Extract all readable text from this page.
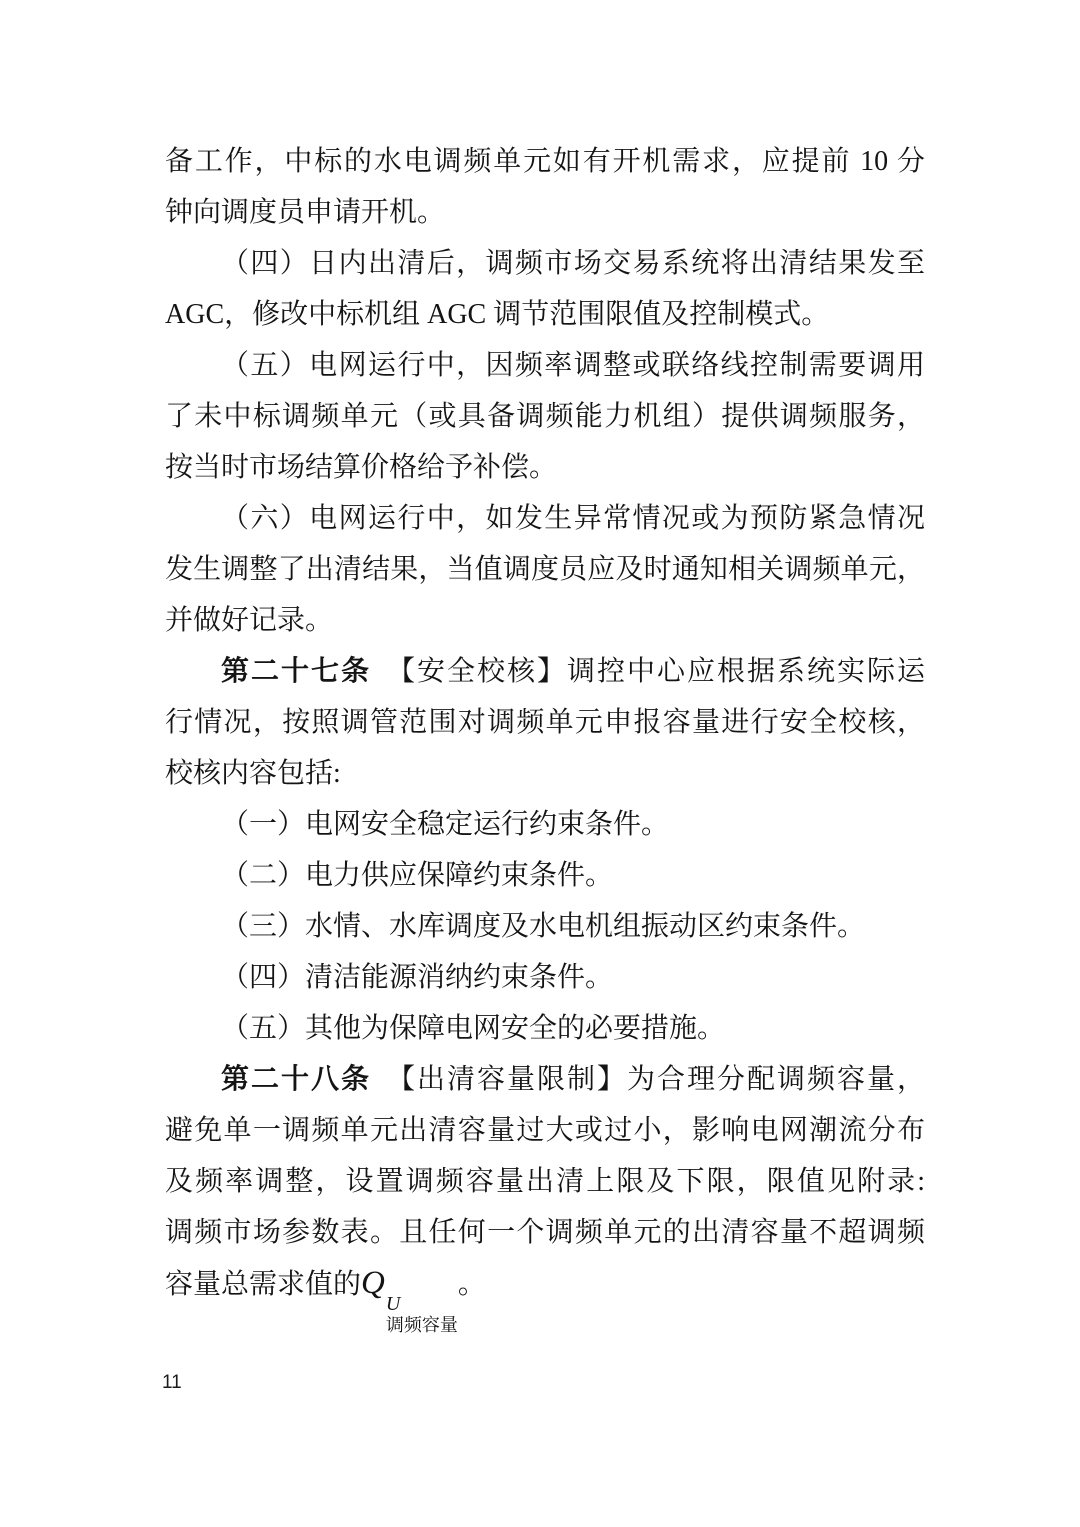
备工作，中标的水电调频单元如有开机需求，应提前 10 分
钟向调度员申请开机。
（四）日内出清后，调频市场交易系统将出清结果发至
AGC，修改中标机组 AGC 调节范围限值及控制模式。
（五）电网运行中，因频率调整或联络线控制需要调用
了未中标调频单元（或具备调频能力机组）提供调频服务，
按当时市场结算价格给予补偿。
（六）电网运行中，如发生异常情况或为预防紧急情况
发生调整了出清结果，当值调度员应及时通知相关调频单元，
并做好记录。
第二十七条　【安全校核】调控中心应根据系统实际运
行情况，按照调管范围对调频单元申报容量进行安全校核，
校核内容包括:
（一）电网安全稳定运行约束条件。
（二）电力供应保障约束条件。
（三）水情、水库调度及水电机组振动区约束条件。
（四）清洁能源消纳约束条件。
（五）其他为保障电网安全的必要措施。
第二十八条　【出清容量限制】为合理分配调频容量，
避免单一调频单元出清容量过大或过小，影响电网潮流分布
及频率调整，设置调频容量出清上限及下限，限值见附录:
调频市场参数表。且任何一个调频单元的出清容量不超调频
容量总需求值的Q
U
调频容量
。
11
